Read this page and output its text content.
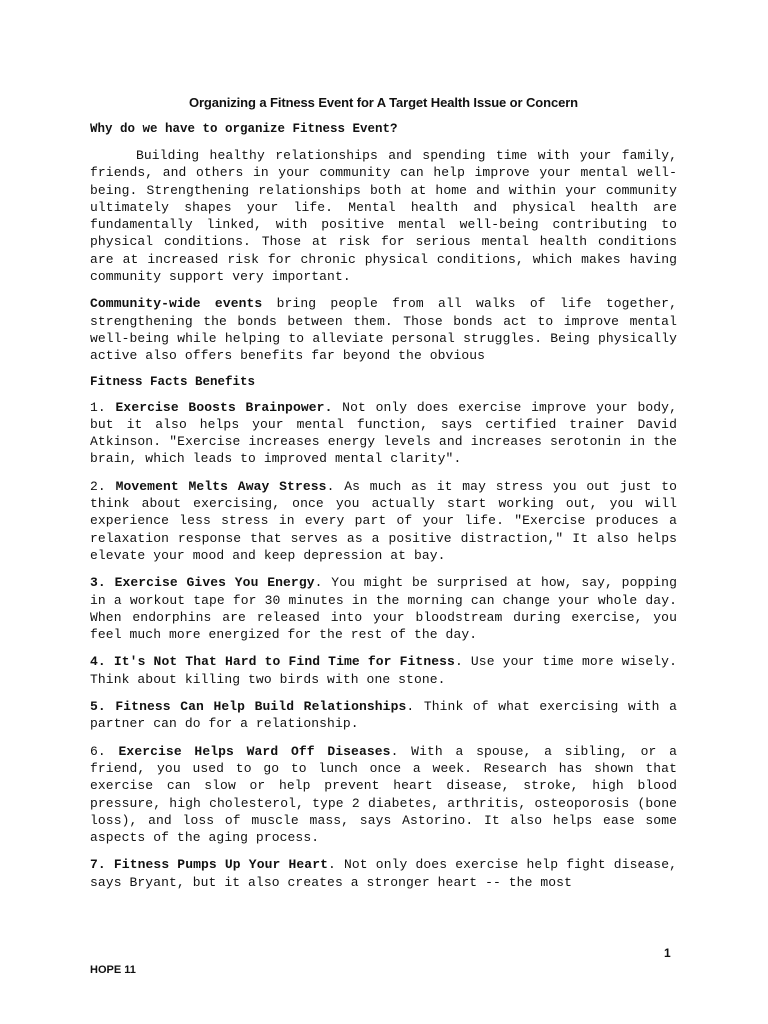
Organizing a Fitness Event for A Target Health Issue or Concern
Why do we have to organize Fitness Event?

Building healthy relationships and spending time with your family, friends, and others in your community can help improve your mental well-being. Strengthening relationships both at home and within your community ultimately shapes your life. Mental health and physical health are fundamentally linked, with positive mental well-being contributing to physical conditions. Those at risk for serious mental health conditions are at increased risk for chronic physical conditions, which makes having community support very important.

Community-wide events bring people from all walks of life together, strengthening the bonds between them. Those bonds act to improve mental well-being while helping to alleviate personal struggles. Being physically active also offers benefits far beyond the obvious

Fitness Facts Benefits

1. Exercise Boosts Brainpower. Not only does exercise improve your body, but it also helps your mental function, says certified trainer David Atkinson. "Exercise increases energy levels and increases serotonin in the brain, which leads to improved mental clarity".

2. Movement Melts Away Stress. As much as it may stress you out just to think about exercising, once you actually start working out, you will experience less stress in every part of your life. "Exercise produces a relaxation response that serves as a positive distraction," It also helps elevate your mood and keep depression at bay.

3. Exercise Gives You Energy. You might be surprised at how, say, popping in a workout tape for 30 minutes in the morning can change your whole day. When endorphins are released into your bloodstream during exercise, you feel much more energized for the rest of the day.

4. It's Not That Hard to Find Time for Fitness. Use your time more wisely. Think about killing two birds with one stone.

5. Fitness Can Help Build Relationships. Think of what exercising with a partner can do for a relationship.

6. Exercise Helps Ward Off Diseases. With a spouse, a sibling, or a friend, you used to go to lunch once a week. Research has shown that exercise can slow or help prevent heart disease, stroke, high blood pressure, high cholesterol, type 2 diabetes, arthritis, osteoporosis (bone loss), and loss of muscle mass, says Astorino. It also helps ease some aspects of the aging process.

7. Fitness Pumps Up Your Heart. Not only does exercise help fight disease, says Bryant, but it also creates a stronger heart -- the most

1
HOPE 11
